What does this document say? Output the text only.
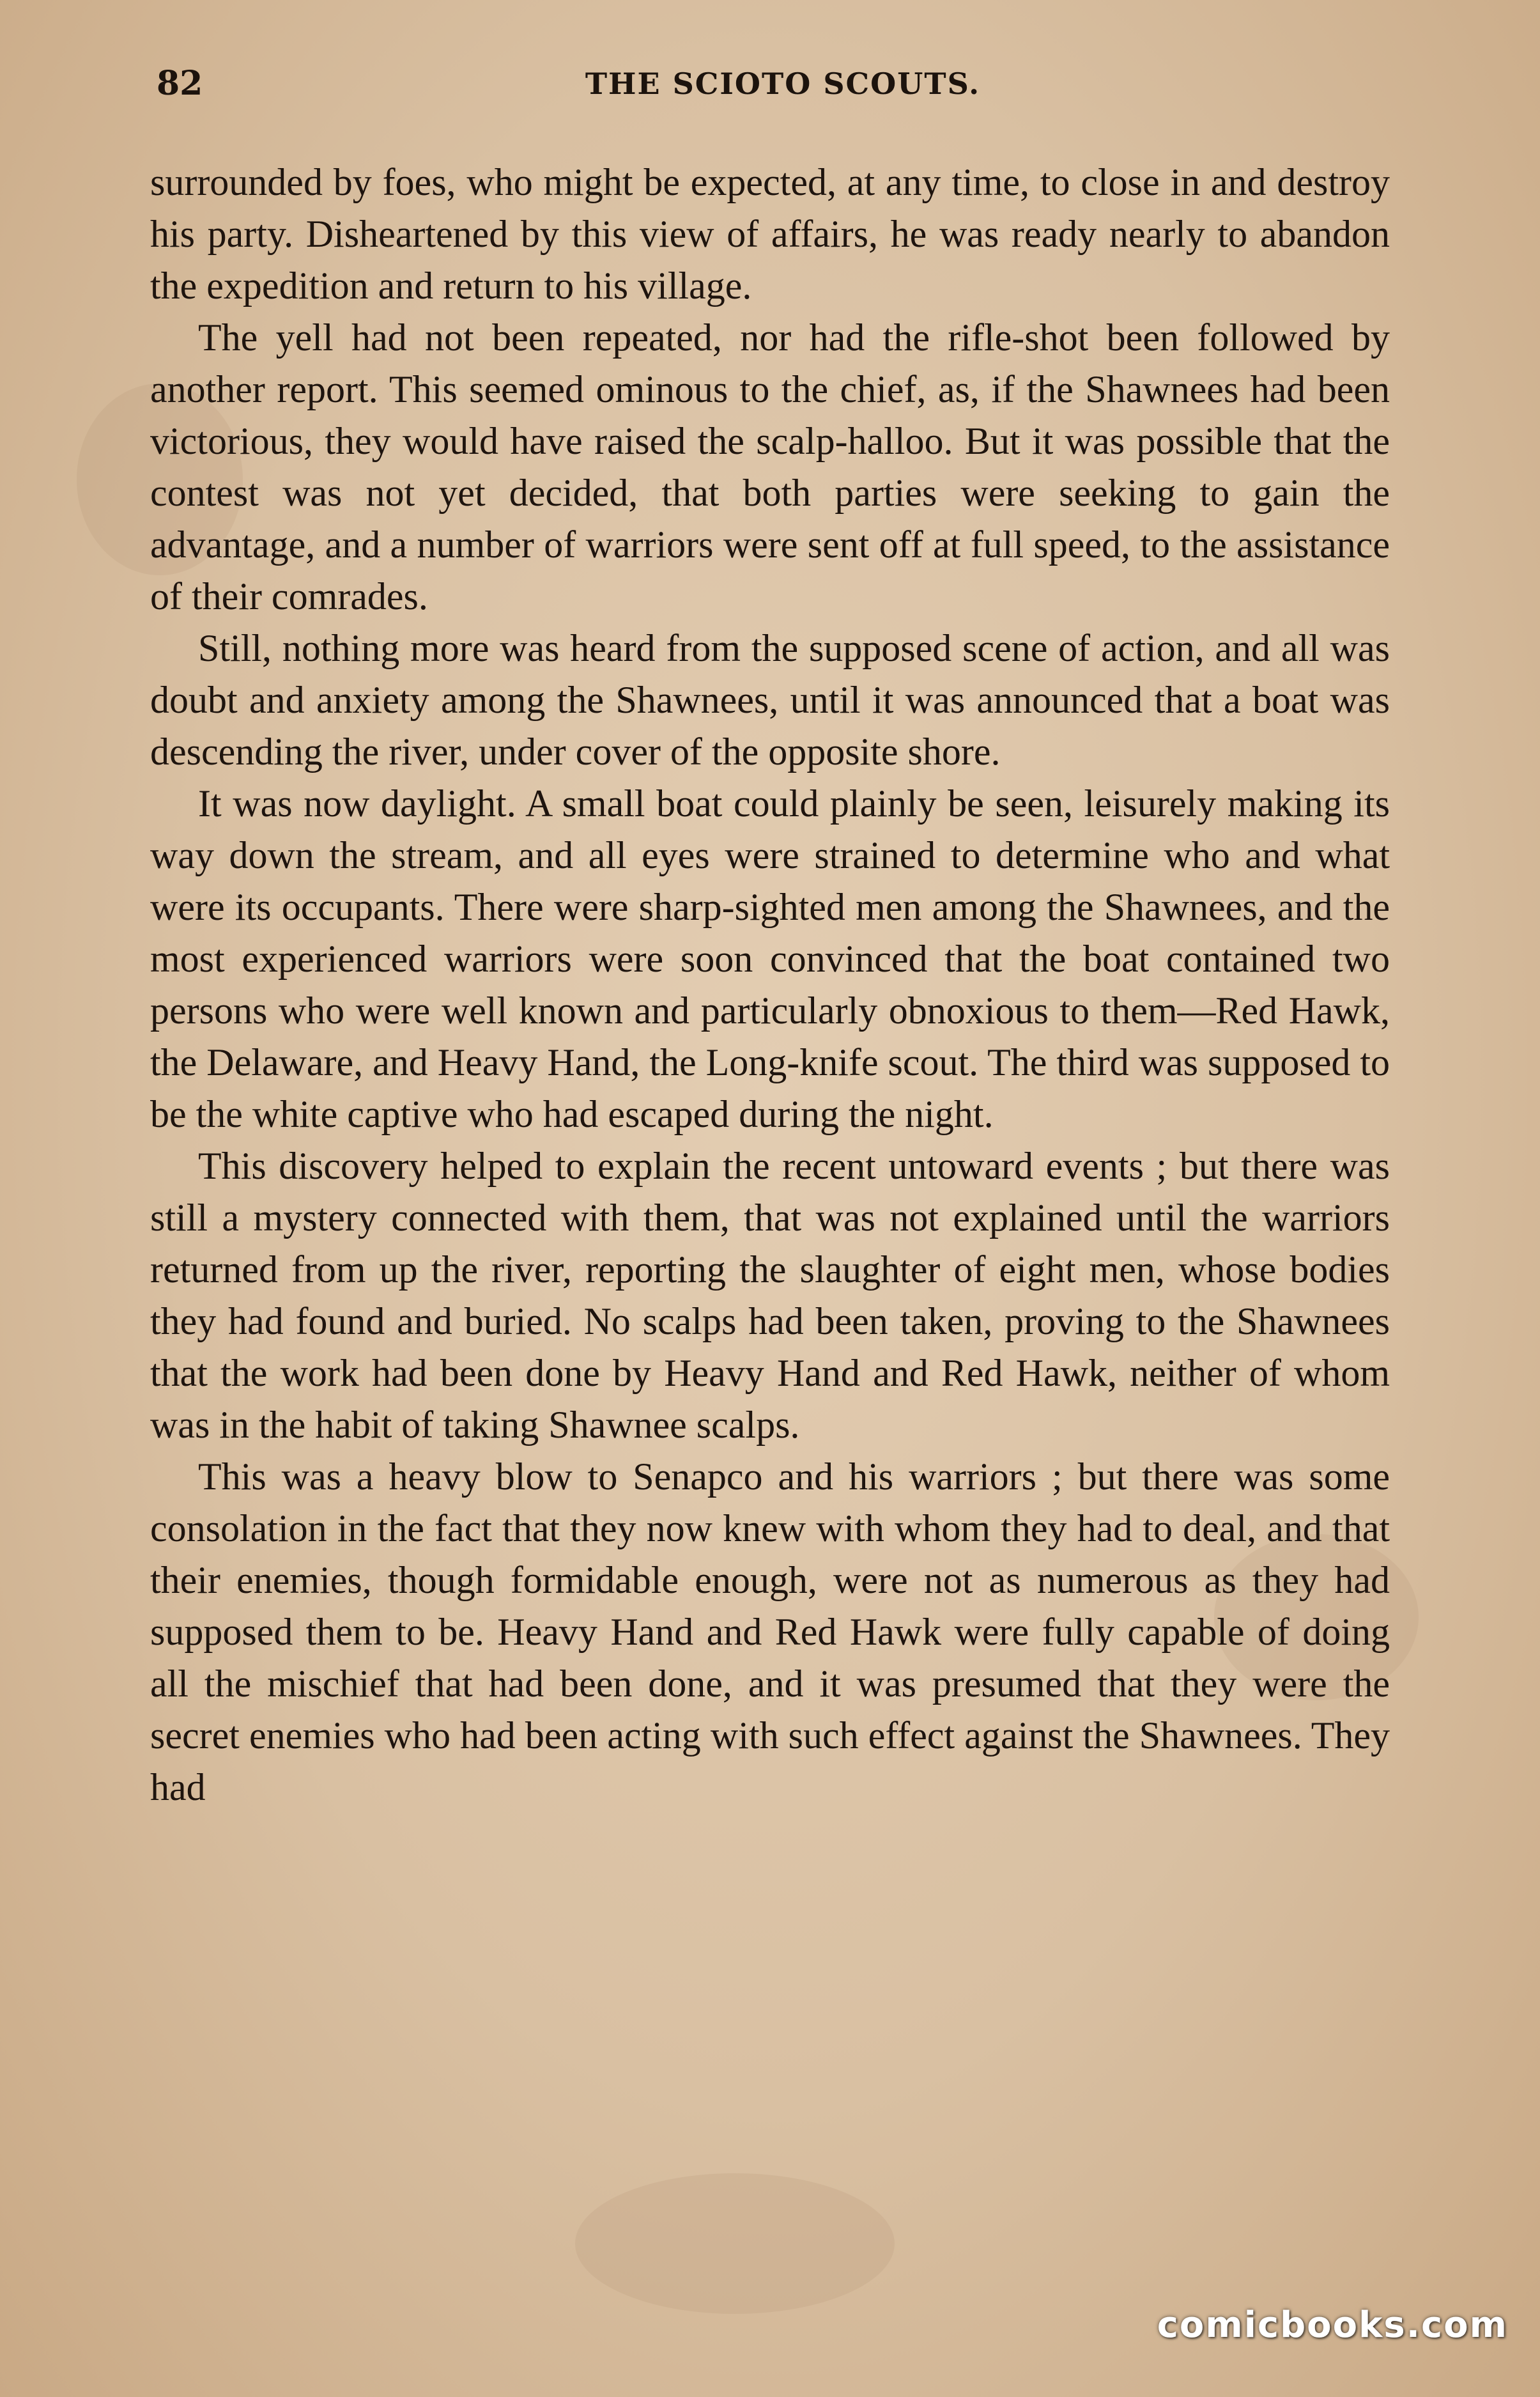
82	THE SCIOTO SCOUTS.

surrounded by foes, who might be expected, at any time, to close in and destroy his party. Disheartened by this view of affairs, he was ready nearly to abandon the expedition and return to his village.

The yell had not been repeated, nor had the rifle-shot been followed by another report. This seemed ominous to the chief, as, if the Shawnees had been victorious, they would have raised the scalp-halloo. But it was possible that the contest was not yet decided, that both parties were seeking to gain the advantage, and a number of warriors were sent off at full speed, to the assistance of their comrades.

Still, nothing more was heard from the supposed scene of action, and all was doubt and anxiety among the Shawnees, until it was announced that a boat was descending the river, under cover of the opposite shore.

It was now daylight. A small boat could plainly be seen, leisurely making its way down the stream, and all eyes were strained to determine who and what were its occupants. There were sharp-sighted men among the Shawnees, and the most experienced warriors were soon convinced that the boat contained two persons who were well known and particularly obnoxious to them—Red Hawk, the Delaware, and Heavy Hand, the Long-knife scout. The third was supposed to be the white captive who had escaped during the night.

This discovery helped to explain the recent untoward events ; but there was still a mystery connected with them, that was not explained until the warriors returned from up the river, reporting the slaughter of eight men, whose bodies they had found and buried. No scalps had been taken, proving to the Shawnees that the work had been done by Heavy Hand and Red Hawk, neither of whom was in the habit of taking Shawnee scalps.

This was a heavy blow to Senapco and his warriors ; but there was some consolation in the fact that they now knew with whom they had to deal, and that their enemies, though formidable enough, were not as numerous as they had supposed them to be. Heavy Hand and Red Hawk were fully capable of doing all the mischief that had been done, and it was presumed that they were the secret enemies who had been acting with such effect against the Shawnees. They had

comicbooks.com
